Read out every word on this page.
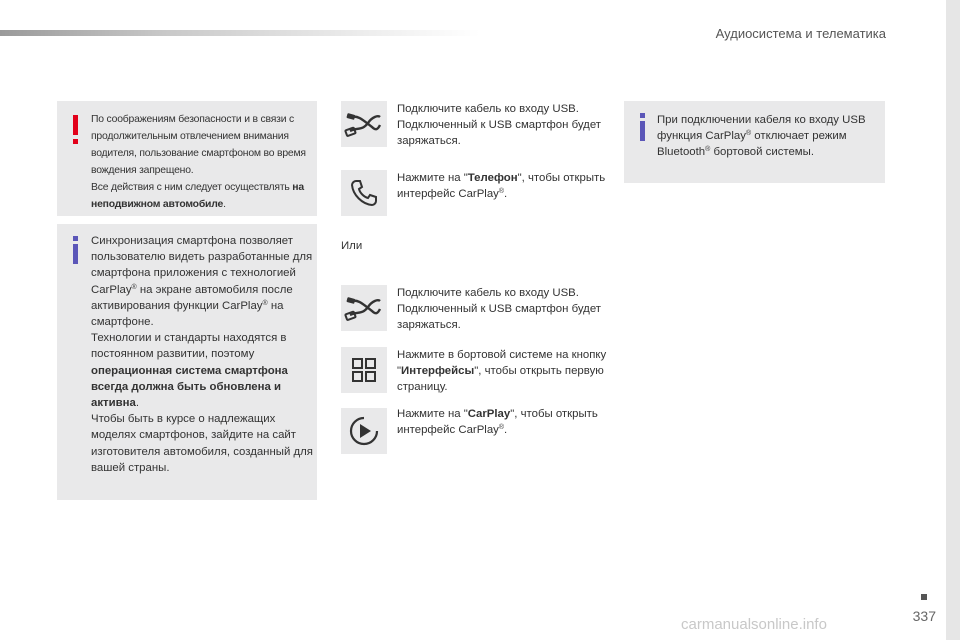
Аудиосистема и телематика

По соображениям безопасности и в связи с продолжительным отвлечением внимания водителя, пользование смартфоном во время вождения запрещено.
Все действия с ним следует осуществлять на неподвижном автомобиле.

Синхронизация смартфона позволяет пользователю видеть разработанные для смартфона приложения с технологией CarPlay® на экране автомобиля после активирования функции CarPlay® на смартфоне.
Технологии и стандарты находятся в постоянном развитии, поэтому операционная система смартфона всегда должна быть обновлена и активна.
Чтобы быть в курсе о надлежащих моделях смартфонов, зайдите на сайт изготовителя автомобиля, созданный для вашей страны.

Подключите кабель ко входу USB. Подключенный к USB смартфон будет заряжаться.
Нажмите на "Телефон", чтобы открыть интерфейс CarPlay®.
Или
Подключите кабель ко входу USB. Подключенный к USB смартфон будет заряжаться.
Нажмите в бортовой системе на кнопку "Интерфейсы", чтобы открыть первую страницу.
Нажмите на "CarPlay", чтобы открыть интерфейс CarPlay®.
При подключении кабеля ко входу USB функция CarPlay® отключает режим Bluetooth® бортовой системы.
337
carmanualsonline.info
